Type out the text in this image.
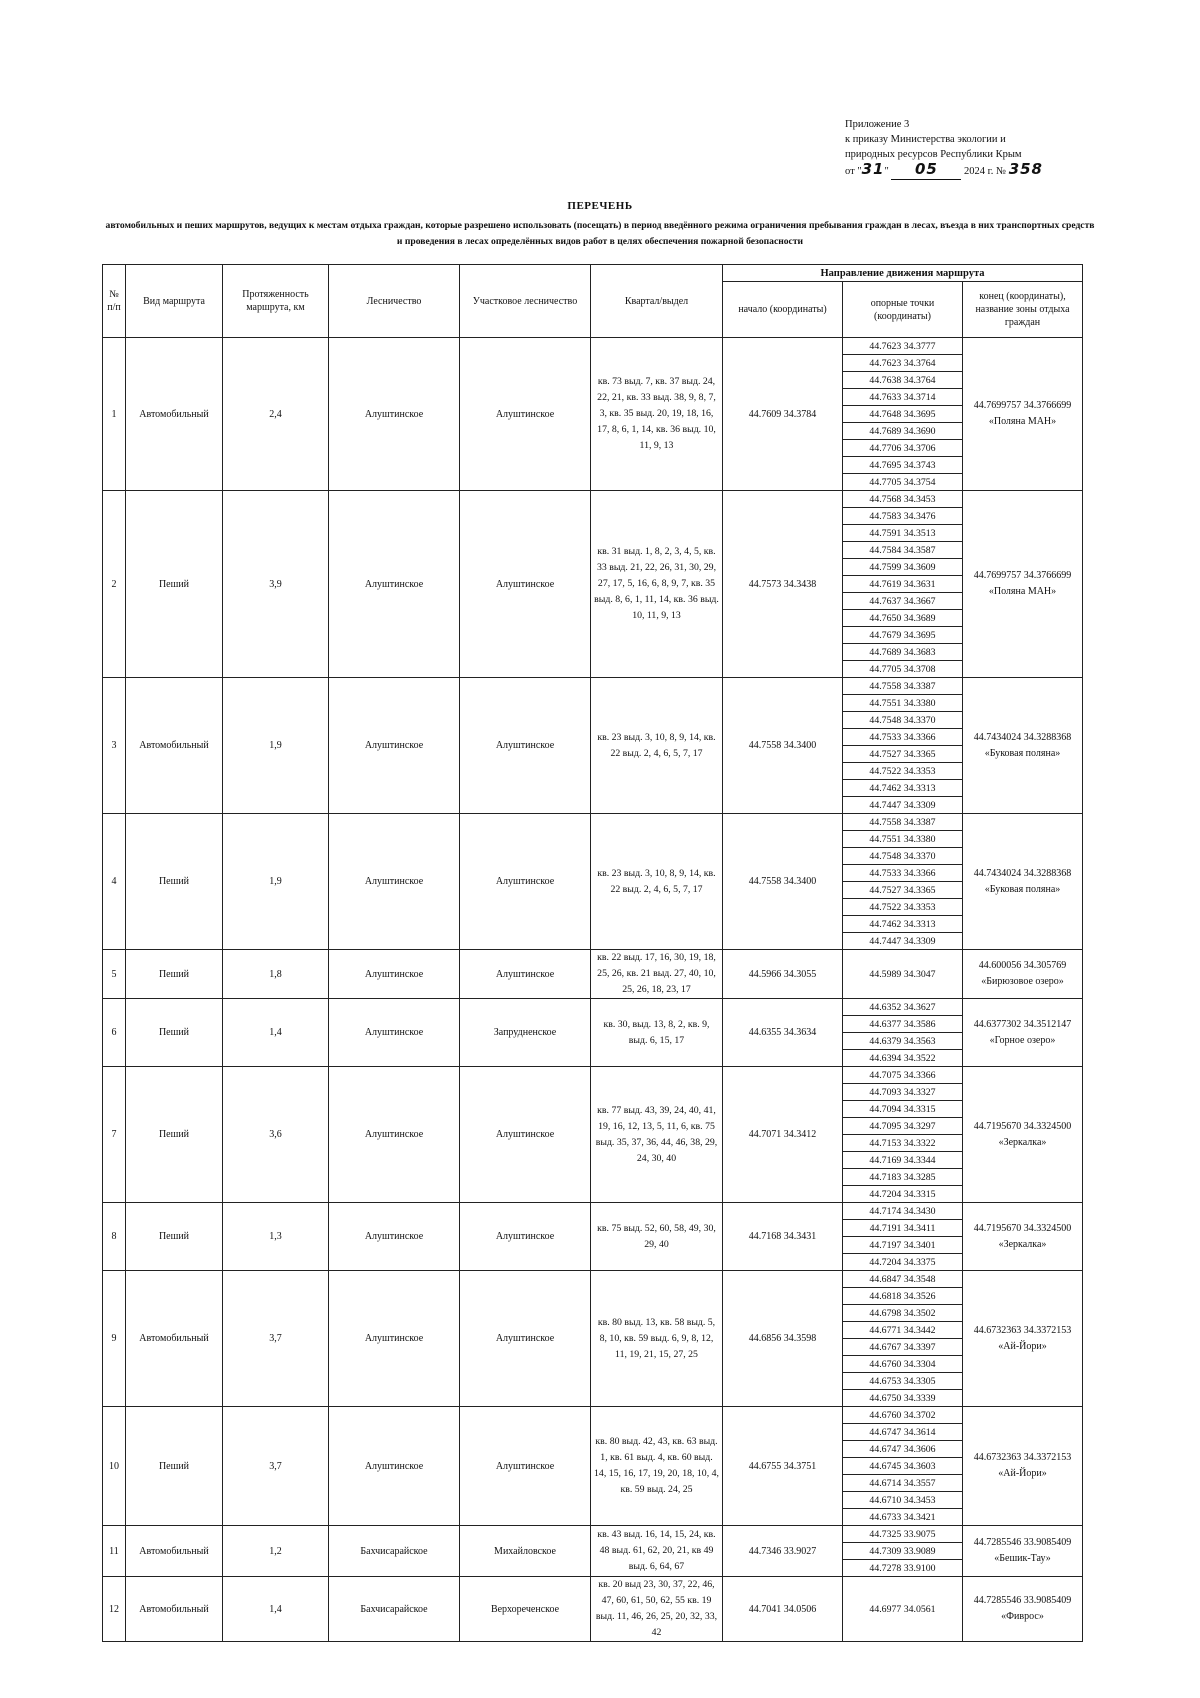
Приложение 3
к приказу Министерства экологии и
природных ресурсов Республики Крым
от "31" 05 2024 г. № 358
ПЕРЕЧЕНЬ
автомобильных и пеших маршрутов, ведущих к местам отдыха граждан, которые разрешено использовать (посещать) в период введённого режима ограничения пребывания граждан в лесах, въезда в них транспортных средств и проведения в лесах определённых видов работ в целях обеспечения пожарной безопасности
№ п/п	Вид маршрута	Протяженность маршрута, км	Лесничество	Участковое лесничество	Квартал/выдел	Направление движения маршрута		
						начало (координаты)	опорные точки (координаты)	конец (координаты), название зоны отдыха граждан
1	Автомобильный	2,4	Алуштинское	Алуштинское	кв. 73 выд. 7, кв. 37 выд. 24, 22, 21, кв. 33 выд. 38, 9, 8, 7, 3, кв. 35 выд. 20, 19, 18, 16, 17, 8, 6, 1, 14, кв. 36 выд. 10, 11, 9, 13	44.7609 34.3784	44.7623 34.3777	44.7699757 34.3766699 «Поляна МАН»
							44.7623 34.3764	
							44.7638 34.3764	
							44.7633 34.3714	
							44.7648 34.3695	
							44.7689 34.3690	
							44.7706 34.3706	
							44.7695 34.3743	
							44.7705 34.3754	
2	Пеший	3,9	Алуштинское	Алуштинское	кв. 31 выд. 1, 8, 2, 3, 4, 5, кв. 33 выд. 21, 22, 26, 31, 30, 29, 27, 17, 5, 16, 6, 8, 9, 7, кв. 35 выд. 8, 6, 1, 11, 14, кв. 36 выд. 10, 11, 9, 13	44.7573 34.3438	44.7568 34.3453	44.7699757 34.3766699 «Поляна МАН»
							44.7583 34.3476	
							44.7591 34.3513	
							44.7584 34.3587	
							44.7599 34.3609	
							44.7619 34.3631	
							44.7637 34.3667	
							44.7650 34.3689	
							44.7679 34.3695	
							44.7689 34.3683	
							44.7705 34.3708	
3	Автомобильный	1,9	Алуштинское	Алуштинское	кв. 23 выд. 3, 10, 8, 9, 14, кв. 22 выд. 2, 4, 6, 5, 7, 17	44.7558 34.3400	44.7558 34.3387	44.7434024 34.3288368 «Буковая поляна»
							44.7551 34.3380	
							44.7548 34.3370	
							44.7533 34.3366	
							44.7527 34.3365	
							44.7522 34.3353	
							44.7462 34.3313	
							44.7447 34.3309	
4	Пеший	1,9	Алуштинское	Алуштинское	кв. 23 выд. 3, 10, 8, 9, 14, кв. 22 выд. 2, 4, 6, 5, 7, 17	44.7558 34.3400	44.7558 34.3387	44.7434024 34.3288368 «Буковая поляна»
							44.7551 34.3380	
							44.7548 34.3370	
							44.7533 34.3366	
							44.7527 34.3365	
							44.7522 34.3353	
							44.7462 34.3313	
							44.7447 34.3309	
5	Пеший	1,8	Алуштинское	Алуштинское	кв. 22 выд. 17, 16, 30, 19, 18, 25, 26, кв. 21 выд. 27, 40, 10, 25, 26, 18, 23, 17	44.5966 34.3055	44.5989 34.3047	44.600056 34.305769 «Бирюзовое озеро»
6	Пеший	1,4	Алуштинское	Запрудненское	кв. 30, выд. 13, 8, 2, кв. 9, выд. 6, 15, 17	44.6355 34.3634	44.6352 34.3627	44.6377302 34.3512147 «Горное озеро»
							44.6377 34.3586	
							44.6379 34.3563	
							44.6394 34.3522	
7	Пеший	3,6	Алуштинское	Алуштинское	кв. 77 выд. 43, 39, 24, 40, 41, 19, 16, 12, 13, 5, 11, 6, кв. 75 выд. 35, 37, 36, 44, 46, 38, 29, 24, 30, 40	44.7071 34.3412	44.7075 34.3366	44.7195670 34.3324500 «Зеркалка»
							44.7093 34.3327	
							44.7094 34.3315	
							44.7095 34.3297	
							44.7153 34.3322	
							44.7169 34.3344	
							44.7183 34.3285	
							44.7204 34.3315	
8	Пеший	1,3	Алуштинское	Алуштинское	кв. 75 выд. 52, 60, 58, 49, 30, 29, 40	44.7168 34.3431	44.7174 34.3430	44.7195670 34.3324500 «Зеркалка»
							44.7191 34.3411	
							44.7197 34.3401	
							44.7204 34.3375	
9	Автомобильный	3,7	Алуштинское	Алуштинское	кв. 80 выд. 13, кв. 58 выд. 5, 8, 10, кв. 59 выд. 6, 9, 8, 12, 11, 19, 21, 15, 27, 25	44.6856 34.3598	44.6847 34.3548	44.6732363 34.3372153 «Ай-Йори»
							44.6818 34.3526	
							44.6798 34.3502	
							44.6771 34.3442	
							44.6767 34.3397	
							44.6760 34.3304	
							44.6753 34.3305	
							44.6750 34.3339	
10	Пеший	3,7	Алуштинское	Алуштинское	кв. 80 выд. 42, 43, кв. 63 выд. 1, кв. 61 выд. 4, кв. 60 выд. 14, 15, 16, 17, 19, 20, 18, 10, 4, кв. 59 выд. 24, 25	44.6755 34.3751	44.6760 34.3702	44.6732363 34.3372153 «Ай-Йори»
							44.6747 34.3614	
							44.6747 34.3606	
							44.6745 34.3603	
							44.6714 34.3557	
							44.6710 34.3453	
							44.6733 34.3421	
11	Автомобильный	1,2	Бахчисарайское	Михайловское	кв. 43 выд. 16, 14, 15, 24, кв. 48 выд. 61, 62, 20, 21, кв 49 выд. 6, 64, 67	44.7346 33.9027	44.7325 33.9075	44.7285546 33.9085409 «Бешик-Тау»
							44.7309 33.9089	
							44.7278 33.9100	
12	Автомобильный	1,4	Бахчисарайское	Верхореченское	кв. 20 выд 23, 30, 37, 22, 46, 47, 60, 61, 50, 62, 55 кв. 19 выд. 11, 46, 26, 25, 20, 32, 33, 42	44.7041 34.0506	44.6977 34.0561	44.7285546 33.9085409 «Фиврос»
